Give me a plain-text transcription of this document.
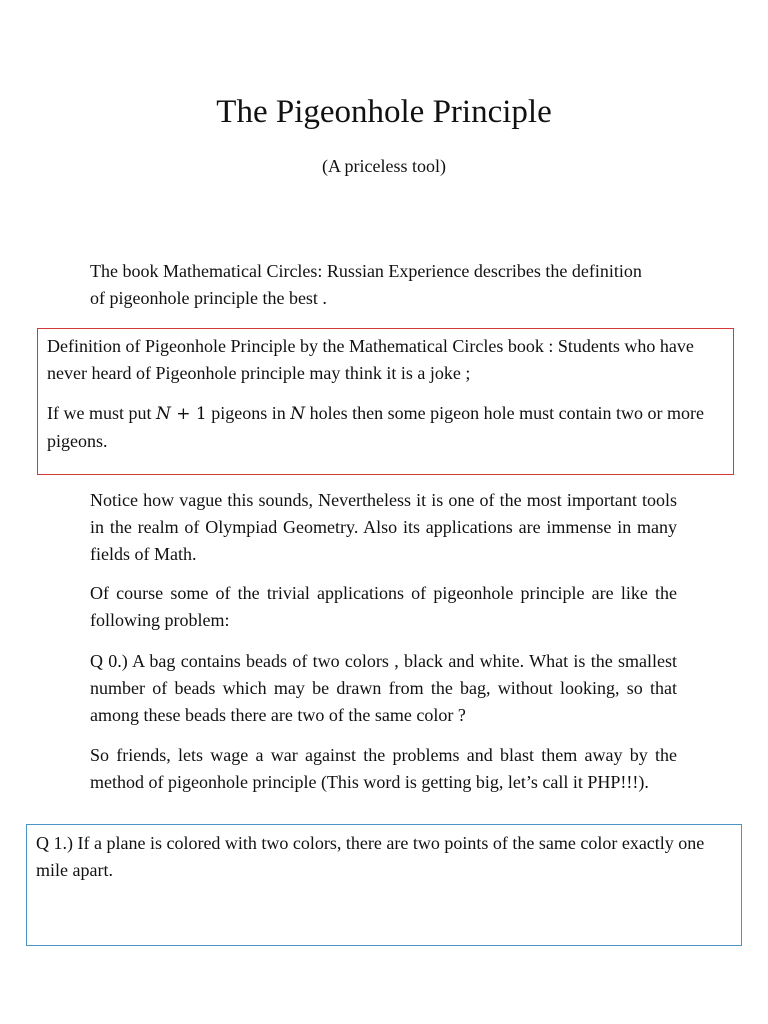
The Pigeonhole Principle

(A priceless tool)

The book Mathematical Circles: Russian Experience describes the definition of pigeonhole principle the best .

Definition of Pigeonhole Principle by the Mathematical Circles book : Students who have never heard of Pigeonhole principle may think it is a joke ;

If we must put N + 1 pigeons in N holes then some pigeon hole must contain two or more pigeons.

Notice how vague this sounds, Nevertheless it is one of the most important tools in the realm of Olympiad Geometry. Also its applications are immense in many fields of Math.

Of course some of the trivial applications of pigeonhole principle are like the following problem:

Q 0.) A bag contains beads of two colors , black and white. What is the smallest number of beads which may be drawn from the bag, without looking, so that among these beads there are two of the same color ?

So friends, lets wage a war against the problems and blast them away by the method of pigeonhole principle (This word is getting big, let’s call it PHP!!!).

Q 1.) If a plane is colored with two colors, there are two points of the same color exactly one mile apart.
